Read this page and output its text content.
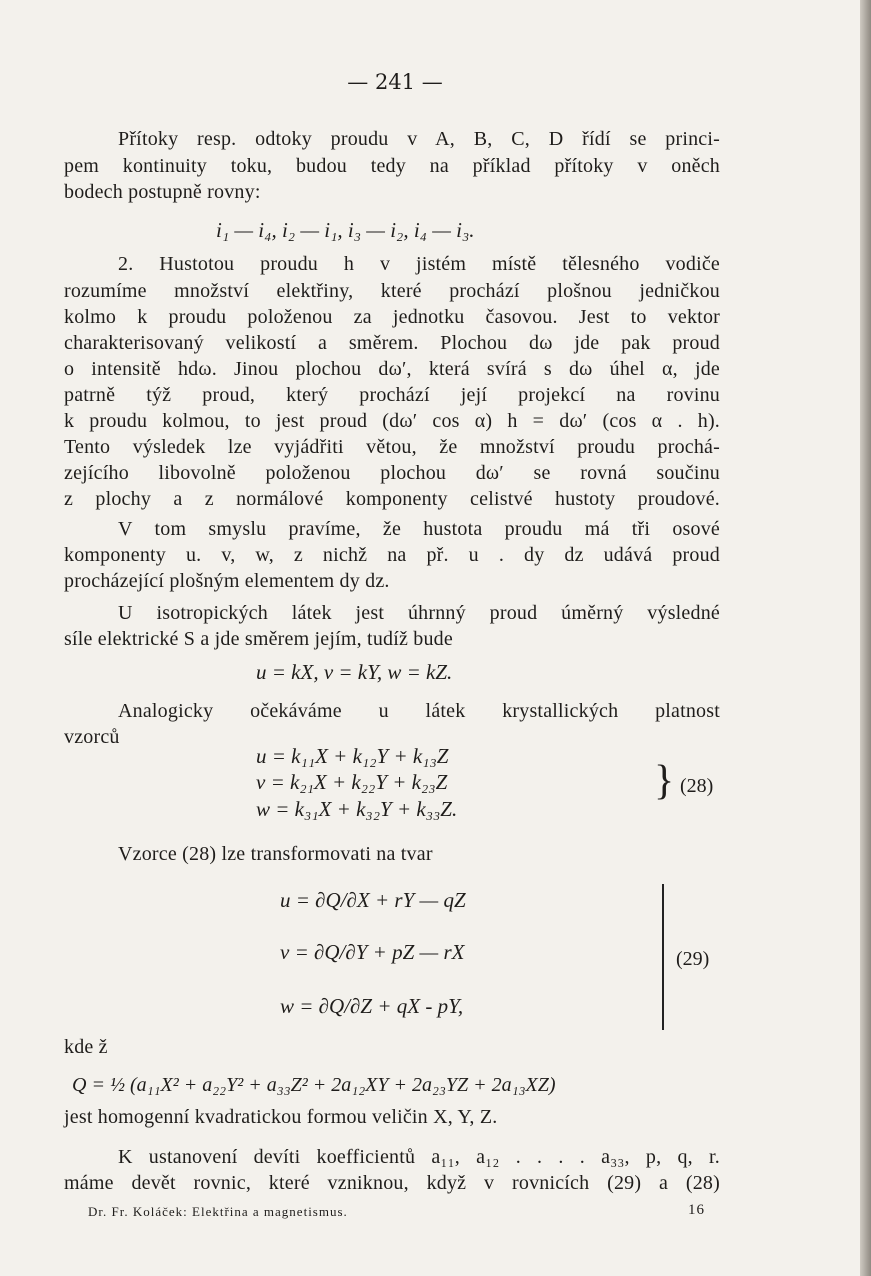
— 241 —
Přítoky resp. odtoky proudu v A, B, C, D řídí se princi-
pem kontinuity toku, budou tedy na příklad přítoky v oněch
bodech postupně rovny:
i₁ — i₄, i₂ — i₁, i₃ — i₂, i₄ — i₃.
2. Hustotou proudu h v jistém místě tělesného vodiče
rozumíme množství elektřiny, které prochází plošnou jedničkou
kolmo k proudu položenou za jednotku časovou. Jest to vektor
charakterisovaný velikostí a směrem. Plochou dω jde pak proud
o intensitě hdω. Jinou plochou dω′, která svírá s dω úhel α, jde
patrně týž proud, který prochází její projekcí na rovinu
k proudu kolmou, to jest proud (dω′ cos α) h = dω′ (cos α . h).
Tento výsledek lze vyjádřiti větou, že množství proudu prochá-
zejícího libovolně položenou plochou dω′ se rovná součinu
z plochy a z normálové komponenty celistvé hustoty proudové.
V tom smyslu pravíme, že hustota proudu má tři osové
komponenty u. v, w, z nichž na př. u . dy dz udává proud
procházející plošným elementem dy dz.
U isotropických látek jest úhrnný proud úměrný výsledné
síle elektrické S a jde směrem jejím, tudíž bude
u = kX, v = kY, w = kZ.
Analogicky očekáváme u látek krystallických platnost
vzorců
u = k₁₁X + k₁₂Y + k₁₃Z
v = k₂₁X + k₂₂Y + k₂₃Z
w = k₃₁X + k₃₂Y + k₃₃Z.
} (28)
Vzorce (28) lze transformovati na tvar
u = ∂Q/∂X + rY — qZ
v = ∂Q/∂Y + pZ — rX
w = ∂Q/∂Z + qX - pY,
(29)
kde ž
Q = ½ (a₁₁X² + a₂₂Y² + a₃₃Z² + 2a₁₂XY + 2a₂₃YZ + 2a₁₃XZ)
jest homogenní kvadratickou formou veličin X, Y, Z.
K ustanovení devíti koefficientů a₁₁, a₁₂ . . . . a₃₃, p, q, r.
máme devět rovnic, které vzniknou, když v rovnicích (29) a (28)
Dr. Fr. Koláček: Elektřina a magnetismus.	16
